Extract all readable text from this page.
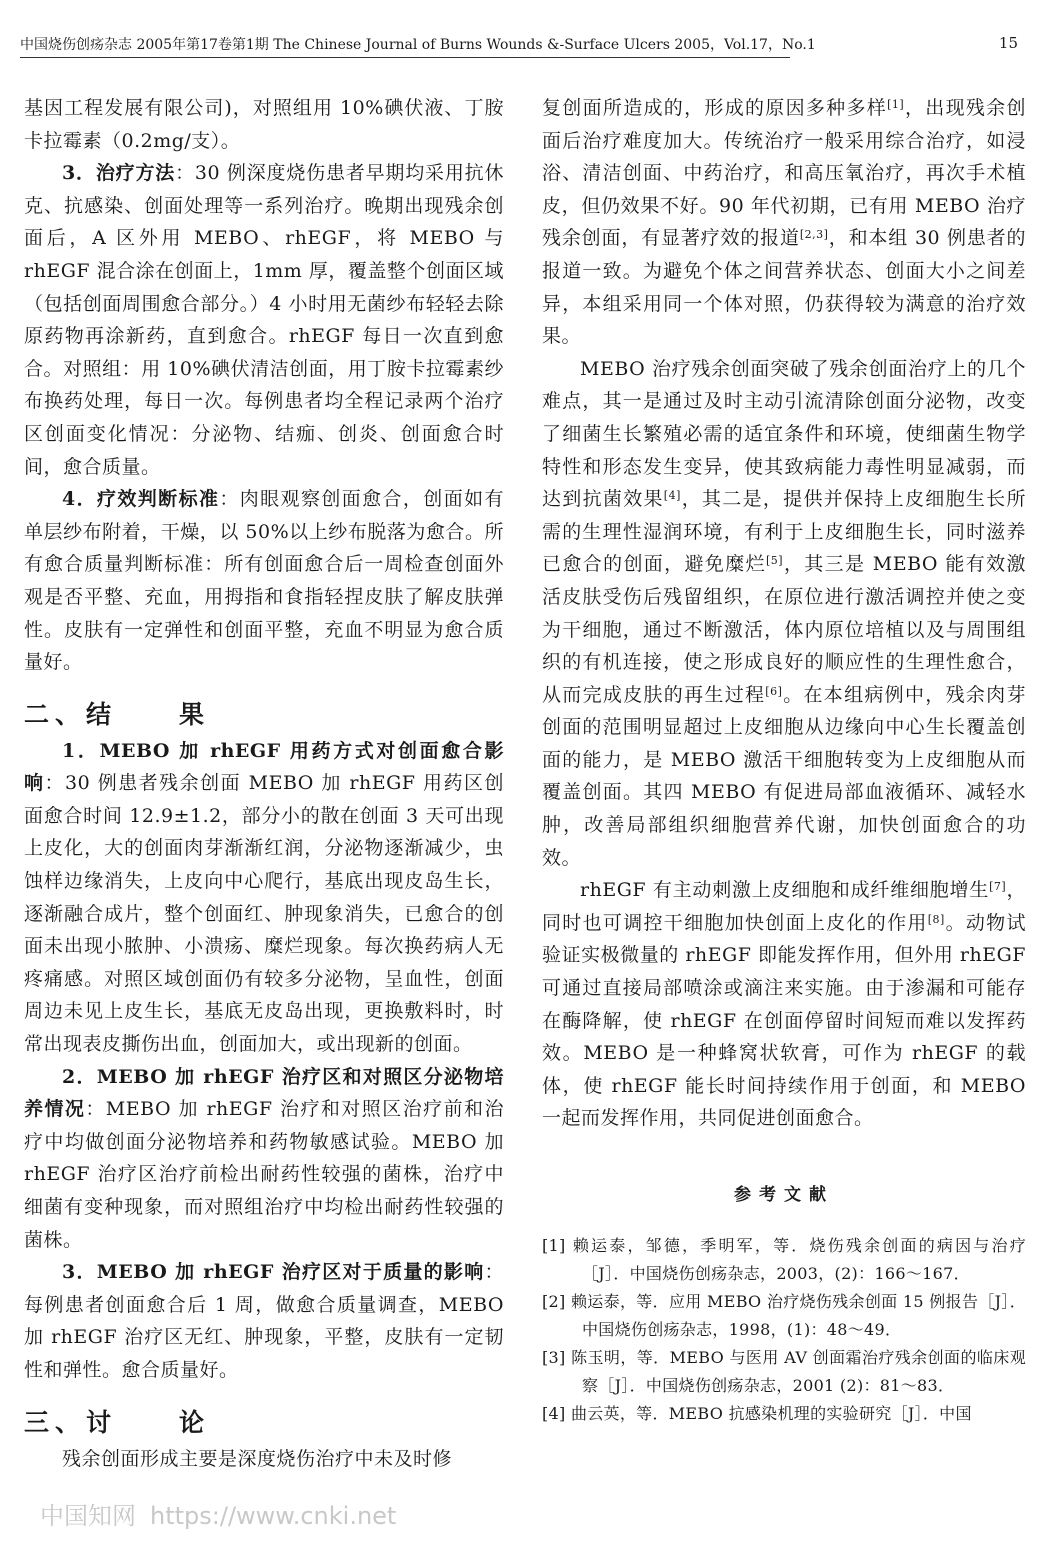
中国烧伤创疡杂志 2005年第17卷第1期 The Chinese Journal of Burns Wounds &-Surface Ulcers 2005，Vol.17，No.1	15

基因工程发展有限公司)，对照组用 10%碘伏液、丁胺卡拉霉素（0.2mg/支）。

3．治疗方法：30 例深度烧伤患者早期均采用抗休克、抗感染、创面处理等一系列治疗。晚期出现残余创面后，A 区外用 MEBO、rhEGF，将 MEBO 与 rhEGF 混合涂在创面上，1mm 厚，覆盖整个创面区域（包括创面周围愈合部分。）4 小时用无菌纱布轻轻去除原药物再涂新药，直到愈合。rhEGF 每日一次直到愈合。对照组：用 10%碘伏清洁创面，用丁胺卡拉霉素纱布换药处理，每日一次。每例患者均全程记录两个治疗区创面变化情况：分泌物、结痂、创炎、创面愈合时间，愈合质量。

4．疗效判断标准：肉眼观察创面愈合，创面如有单层纱布附着，干燥，以 50%以上纱布脱落为愈合。所有愈合质量判断标准：所有创面愈合后一周检查创面外观是否平整、充血，用拇指和食指轻捏皮肤了解皮肤弹性。皮肤有一定弹性和创面平整，充血不明显为愈合质量好。

二、结　　果

1．MEBO 加 rhEGF 用药方式对创面愈合影响：30 例患者残余创面 MEBO 加 rhEGF 用药区创面愈合时间 12.9±1.2，部分小的散在创面 3 天可出现上皮化，大的创面肉芽渐渐红润，分泌物逐渐减少，虫蚀样边缘消失，上皮向中心爬行，基底出现皮岛生长，逐渐融合成片，整个创面红、肿现象消失，已愈合的创面未出现小脓肿、小溃疡、糜烂现象。每次换药病人无疼痛感。对照区域创面仍有较多分泌物，呈血性，创面周边未见上皮生长，基底无皮岛出现，更换敷料时，时常出现表皮撕伤出血，创面加大，或出现新的创面。

2．MEBO 加 rhEGF 治疗区和对照区分泌物培养情况：MEBO 加 rhEGF 治疗和对照区治疗前和治疗中均做创面分泌物培养和药物敏感试验。MEBO 加 rhEGF 治疗区治疗前检出耐药性较强的菌株，治疗中细菌有变种现象，而对照组治疗中均检出耐药性较强的菌株。

3．MEBO 加 rhEGF 治疗区对于质量的影响：每例患者创面愈合后 1 周，做愈合质量调查，MEBO 加 rhEGF 治疗区无红、肿现象，平整，皮肤有一定韧性和弹性。愈合质量好。

三、讨　　论

残余创面形成主要是深度烧伤治疗中未及时修

复创面所造成的，形成的原因多种多样[1]，出现残余创面后治疗难度加大。传统治疗一般采用综合治疗，如浸浴、清洁创面、中药治疗，和高压氧治疗，再次手术植皮，但仍效果不好。90 年代初期，已有用 MEBO 治疗残余创面，有显著疗效的报道[2,3]，和本组 30 例患者的报道一致。为避免个体之间营养状态、创面大小之间差异，本组采用同一个体对照，仍获得较为满意的治疗效果。

MEBO 治疗残余创面突破了残余创面治疗上的几个难点，其一是通过及时主动引流清除创面分泌物，改变了细菌生长繁殖必需的适宜条件和环境，使细菌生物学特性和形态发生变异，使其致病能力毒性明显减弱，而达到抗菌效果[4]，其二是，提供并保持上皮细胞生长所需的生理性湿润环境，有利于上皮细胞生长，同时滋养已愈合的创面，避免糜烂[5]，其三是 MEBO 能有效激活皮肤受伤后残留组织，在原位进行激活调控并使之变为干细胞，通过不断激活，体内原位培植以及与周围组织的有机连接，使之形成良好的顺应性的生理性愈合，从而完成皮肤的再生过程[6]。在本组病例中，残余肉芽创面的范围明显超过上皮细胞从边缘向中心生长覆盖创面的能力，是 MEBO 激活干细胞转变为上皮细胞从而覆盖创面。其四 MEBO 有促进局部血液循环、减轻水肿，改善局部组织细胞营养代谢，加快创面愈合的功效。

rhEGF 有主动刺激上皮细胞和成纤维细胞增生[7]，同时也可调控干细胞加快创面上皮化的作用[8]。动物试验证实极微量的 rhEGF 即能发挥作用，但外用 rhEGF 可通过直接局部喷涂或滴注来实施。由于渗漏和可能存在酶降解，使 rhEGF 在创面停留时间短而难以发挥药效。MEBO 是一种蜂窝状软膏，可作为 rhEGF 的载体，使 rhEGF 能长时间持续作用于创面，和 MEBO 一起而发挥作用，共同促进创面愈合。

参考文献

[1] 赖运泰，邹德，季明军，等．烧伤残余创面的病因与治疗［J］．中国烧伤创疡杂志，2003，(2)：166～167．

[2] 赖运泰，等．应用 MEBO 治疗烧伤残余创面 15 例报告［J］．中国烧伤创疡杂志，1998，(1)：48～49．

[3] 陈玉明，等．MEBO 与医用 AV 创面霜治疗残余创面的临床观察［J］．中国烧伤创疡杂志，2001 (2)：81～83．

[4] 曲云英，等．MEBO 抗感染机理的实验研究［J］．中国

中国知网 https://www.cnki.net
